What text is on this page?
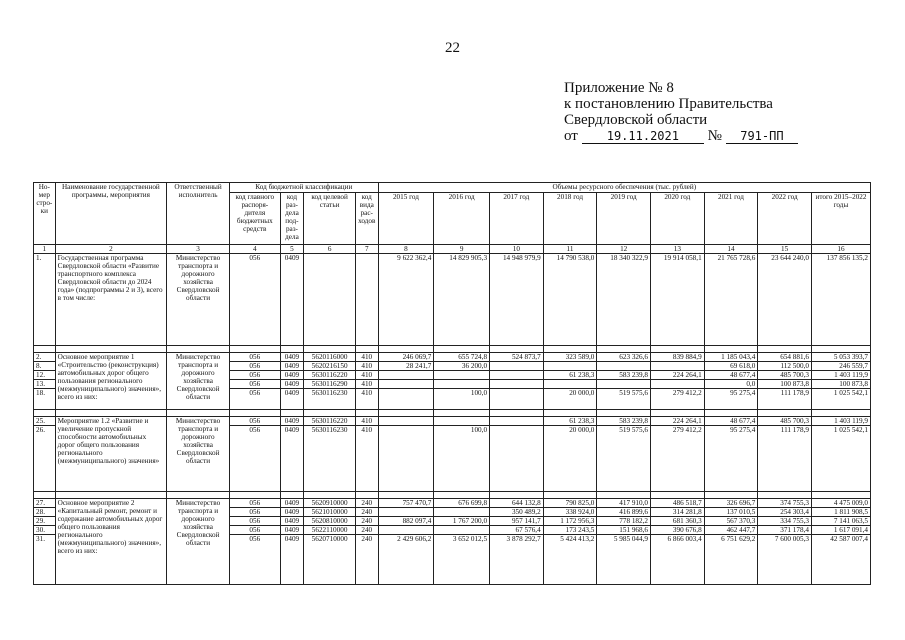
22
Приложение № 8
к постановлению Правительства
Свердловской области
от 19.11.2021 № 791-ПП
Но-мер стро-ки	Наименование государственной программы, мероприятия	Ответственный исполнитель	Код бюджетной классификации				Объемы ресурсного обеспечения (тыс. рублей)								
			код главного распоря-дителя бюджетных средств	код раз-дела под-раз-дела	код целевой статьи	код вида рас-ходов	2015 год	2016 год	2017 год	2018 год	2019 год	2020 год	2021 год	2022 год	итого 2015–2022 годы
1	2	3	4	5	6	7	8	9	10	11	12	13	14	15	16
1.	Государственная программа Свердловской области «Развитие транспортного комплекса Свердловской области до 2024 года» (подпрограммы 2 и 3), всего в том числе:	Министерство транспорта и дорожного хозяйства Свердловской области	056	0409			9 622 362,4	14 829 905,3	14 948 979,9	14 790 538,0	18 340 322,9	19 914 058,1	21 765 728,6	23 644 240,0	137 856 135,2

2.	Основное мероприятие 1 «Строительство (реконструкция) автомобильных дорог общего пользования регионального (межмуниципального) значения», всего из них:	Министерство транспорта и дорожного хозяйства Свердловской области	056	0409	5620116000	410	246 069,7	655 724,8	524 873,7	323 589,0	623 326,6	839 884,9	1 185 043,4	654 881,6	5 053 393,7
8.			056	0409	5620216150	410	28 241,7	36 200,0					69 618,0	112 500,0	246 559,7
12.			056	0409	5630116220	410				61 238,3	583 239,8	224 264,1	48 677,4	485 700,3	1 403 119,9
13.			056	0409	5630116290	410							0,0	100 873,8	100 873,8
18.			056	0409	5630116230	410		100,0		20 000,0	519 575,6	279 412,2	95 275,4	111 178,9	1 025 542,1

25.	Мероприятие 1.2 «Развитие и увеличение пропускной способности автомобильных дорог общего пользования регионального (межмуниципального) значения»	Министерство транспорта и дорожного хозяйства Свердловской области	056	0409	5630116220	410				61 238,3	583 239,8	224 264,1	48 677,4	485 700,3	1 403 119,9
26.			056	0409	5630116230	410		100,0		20 000,0	519 575,6	279 412,2	95 275,4	111 178,9	1 025 542,1

27.	Основное мероприятие 2 «Капитальный ремонт, ремонт и содержание автомобильных дорог общего пользования регионального (межмуниципального) значения», всего из них:	Министерство транспорта и дорожного хозяйства Свердловской области	056	0409	5620910000	240	757 470,7	676 699,8	644 132,8	790 825,0	417 910,0	486 518,7	326 696,7	374 755,3	4 475 009,0
28.			056	0409	5621010000	240			350 489,2	338 924,0	416 899,6	314 281,8	137 010,5	254 303,4	1 811 908,5
29.			056	0409	5620810000	240	882 097,4	1 767 200,0	957 141,7	1 172 956,3	778 182,2	681 360,3	567 370,3	334 755,3	7 141 063,5
30.			056	0409	5622110000	240			67 576,4	173 243,5	151 968,6	390 676,8	462 447,7	371 178,4	1 617 091,4
31.			056	0409	5620710000	240	2 429 606,2	3 652 012,5	3 878 292,7	5 424 413,2	5 985 044,9	6 866 003,4	6 751 629,2	7 600 005,3	42 587 007,4
